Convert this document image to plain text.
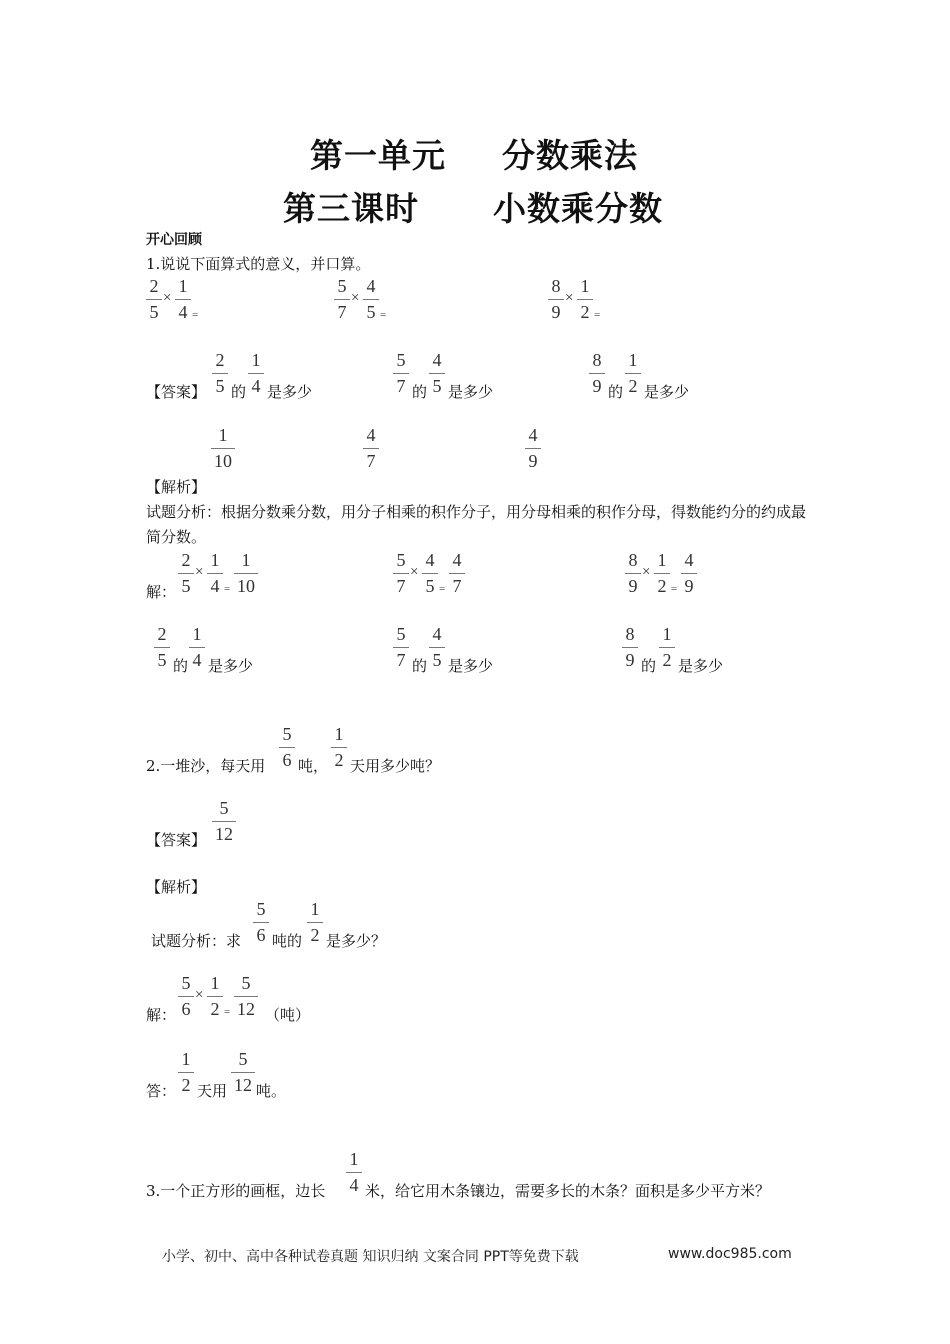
第一单元 分数乘法
第三课时 小数乘分数
开心回顾
1.说说下面算式的意义，并口算。
2
5
×
1
4 =
5
7
×
4
5 =
8
9
×
1
2 =
【答案】
2
5 的
1
4 是多少
5
7 的
4
5 是多少
8
9 的
1
2 是多少
1
10
4
7
4
9
【解析】
试题分析：根据分数乘分数，用分子相乘的积作分子，用分母相乘的积作分母，得数能约分的约成最简分数。
解：
2
5
×
1
4 =
1
10
5
7
×
4
5 =
4
7
8
9
×
1
2 =
4
9
2
5 的
1
4 是多少
5
7 的
4
5 是多少
8
9 的
1
2 是多少
2.一堆沙，每天用
5
6 吨，
1
2 天用多少吨？
【答案】
5
12
【解析】
试题分析：求
5
6 吨的
1
2 是多少？
解：
5
6
×
1
2 =
5
12 （吨）
答：
1
2 天用
5
12 吨。
3.一个正方形的画框，边长
1
4 米，给它用木条镶边，需要多长的木条？面积是多少平方米？
小学、初中、高中各种试卷真题 知识归纳 文案合同 PPT等免费下载	www.doc985.com
